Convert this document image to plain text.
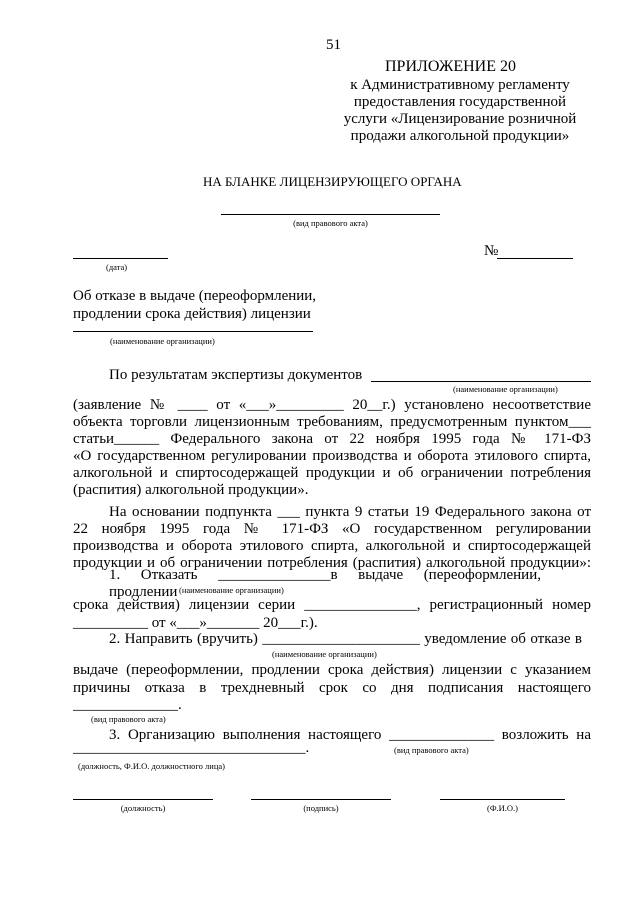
51
ПРИЛОЖЕНИЕ 20
к Административному регламенту
предоставления государственной
услуги «Лицензирование розничной
продажи алкогольной продукции»
НА БЛАНКЕ ЛИЦЕНЗИРУЮЩЕГО ОРГАНА
(вид правового акта)
(дата)
№
Об отказе в выдаче (переоформлении,
продлении срока действия) лицензии
(наименование организации)
По результатам экспертизы документов
(наименование организации)
(заявление № ____ от «___»_________ 20__г.) установлено несоответствие
объекта торговли лицензионным требованиям, предусмотренным пунктом___
статьи______ Федерального закона от 22 ноября 1995 года № 171-ФЗ
«О государственном регулировании производства и оборота этилового спирта,
алкогольной и спиртосодержащей продукции и об ограничении потребления
(распития) алкогольной продукции».
На основании подпункта ___ пункта 9 статьи 19 Федерального закона от
22 ноября 1995 года № 171-ФЗ «О государственном регулировании
производства и оборота этилового спирта, алкогольной и спиртосодержащей
продукции и об ограничении потребления (распития) алкогольной продукции»:
1. Отказать _______________в выдаче (переоформлении, продлении (наименование организации)
срока действия) лицензии серии _______________, регистрационный номер
__________ от «___»_______ 20___г.).
2. Направить (вручить) _____________________ уведомление об отказе в
(наименование организации)
выдаче (переоформлении, продлении срока действия) лицензии с указанием
причины отказа в трехдневный срок со дня подписания настоящего
______________.
(вид правового акта)
3. Организацию выполнения настоящего ______________ возложить на
(вид правового акта)
_______________________________.
(должность, Ф.И.О. должностного лица)
(должность)	(подпись)	(Ф.И.О.)
